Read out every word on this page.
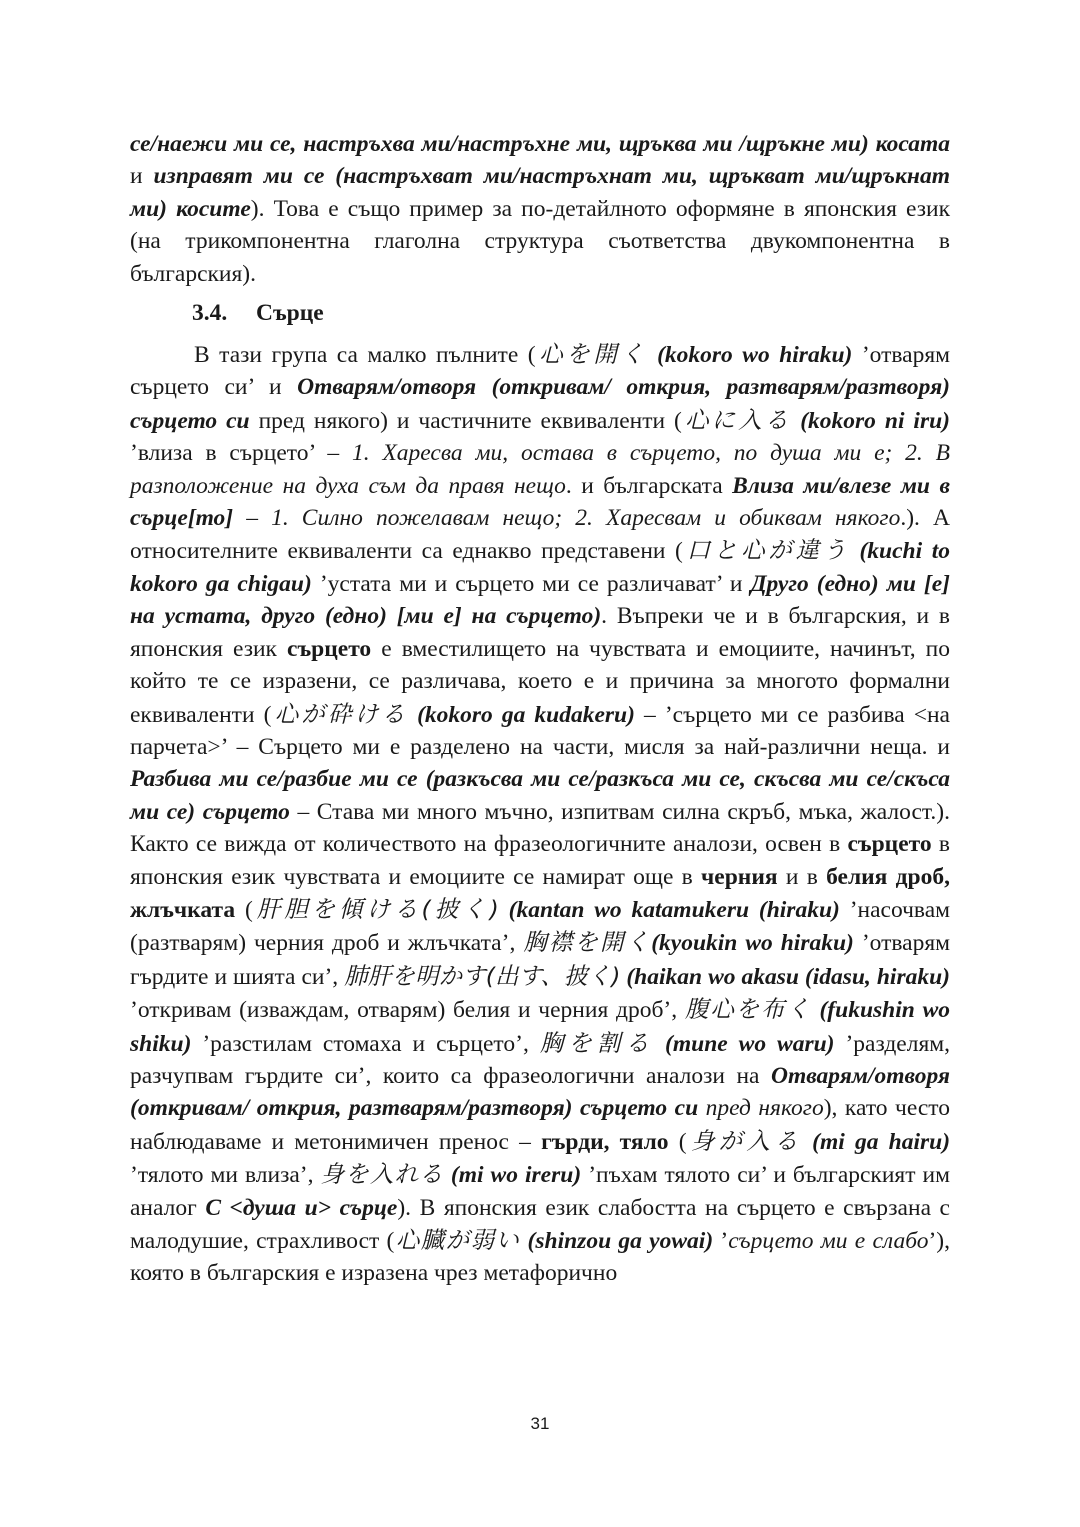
се/наежи ми се, настръхва ми/настръхне ми, щръква ми /щръкне ми) косата и изправят ми се (настръхват ми/настръхнат ми, щръкват ми/щръкнат ми) косите). Това е също пример за по-детайлното оформяне в японския език (на трикомпонентна глаголна структура съответства двукомпонентна в българския).

3.4. Сърце

В тази група са малко пълните (心を開く (kokoro wo hiraku) ’отварям сърцето си’ и Отварям/отворя (откривам/ открия, разтварям/разтворя) сърцето си пред някого) и частичните еквиваленти (心に入る (kokoro ni iru) ’влиза в сърцето’ – 1. Харесва ми, остава в сърцето, по душа ми е; 2. В разположение на духа съм да правя нещо. и българската Влиза ми/влезе ми в сърце[то] – 1. Силно пожелавам нещо; 2. Харесвам и обиквам някого.). А относителните еквиваленти са еднакво представени (口と心が違う (kuchi to kokoro ga chigau) ’устата ми и сърцето ми се различават’ и Друго (едно) ми [е] на устата, друго (едно) [ми е] на сърцето). Въпреки че и в българския, и в японския език сърцето е вместилището на чувствата и емоциите, начинът, по който те се изразени, се различава, което е и причина за многото формални еквиваленти (心が砕ける (kokoro ga kudakeru) – ’сърцето ми се разбива <на парчета>’ – Сърцето ми е разделено на части, мисля за най-различни неща. и Разбива ми се/разбие ми се (разкъсва ми се/разкъса ми се, скъсва ми се/скъса ми се) сърцето – Става ми много мъчно, изпитвам силна скръб, мъка, жалост.). Както се вижда от количеството на фразеологичните аналози, освен в сърцето в японския език чувствата и емоциите се намират още в черния и в белия дроб, жлъчката (肝胆を傾ける(披く) (kantan wo katamukeru (hiraku) ’насочвам (разтварям) черния дроб и жлъчката’, 胸襟を開く(kyoukin wo hiraku) ’отварям гърдите и шията си’, 肺肝を明かす(出す、披く) (haikan wo akasu (idasu, hiraku) ’откривам (изваждам, отварям) белия и черния дроб’, 腹心を布く (fukushin wo shiku) ’разстилам стомаха и сърцето’, 胸を割る (mune wo waru) ’разделям, разчупвам гърдите си’, които са фразеологични аналози на Отварям/отворя (откривам/ открия, разтварям/разтворя) сърцето си пред някого), като често наблюдаваме и метонимичен пренос – гърди, тяло (身が入る (mi ga hairu) ’тялото ми влиза’, 身を入れる (mi wo ireru) ’пъхам тялото си’ и българският им аналог С <душа и> сърце). В японския език слабостта на сърцето е свързана с малодушие, страхливост (心臓が弱い (shinzou ga yowai) ’сърцето ми е слабо’), която в българския е изразена чрез метафорично

31
